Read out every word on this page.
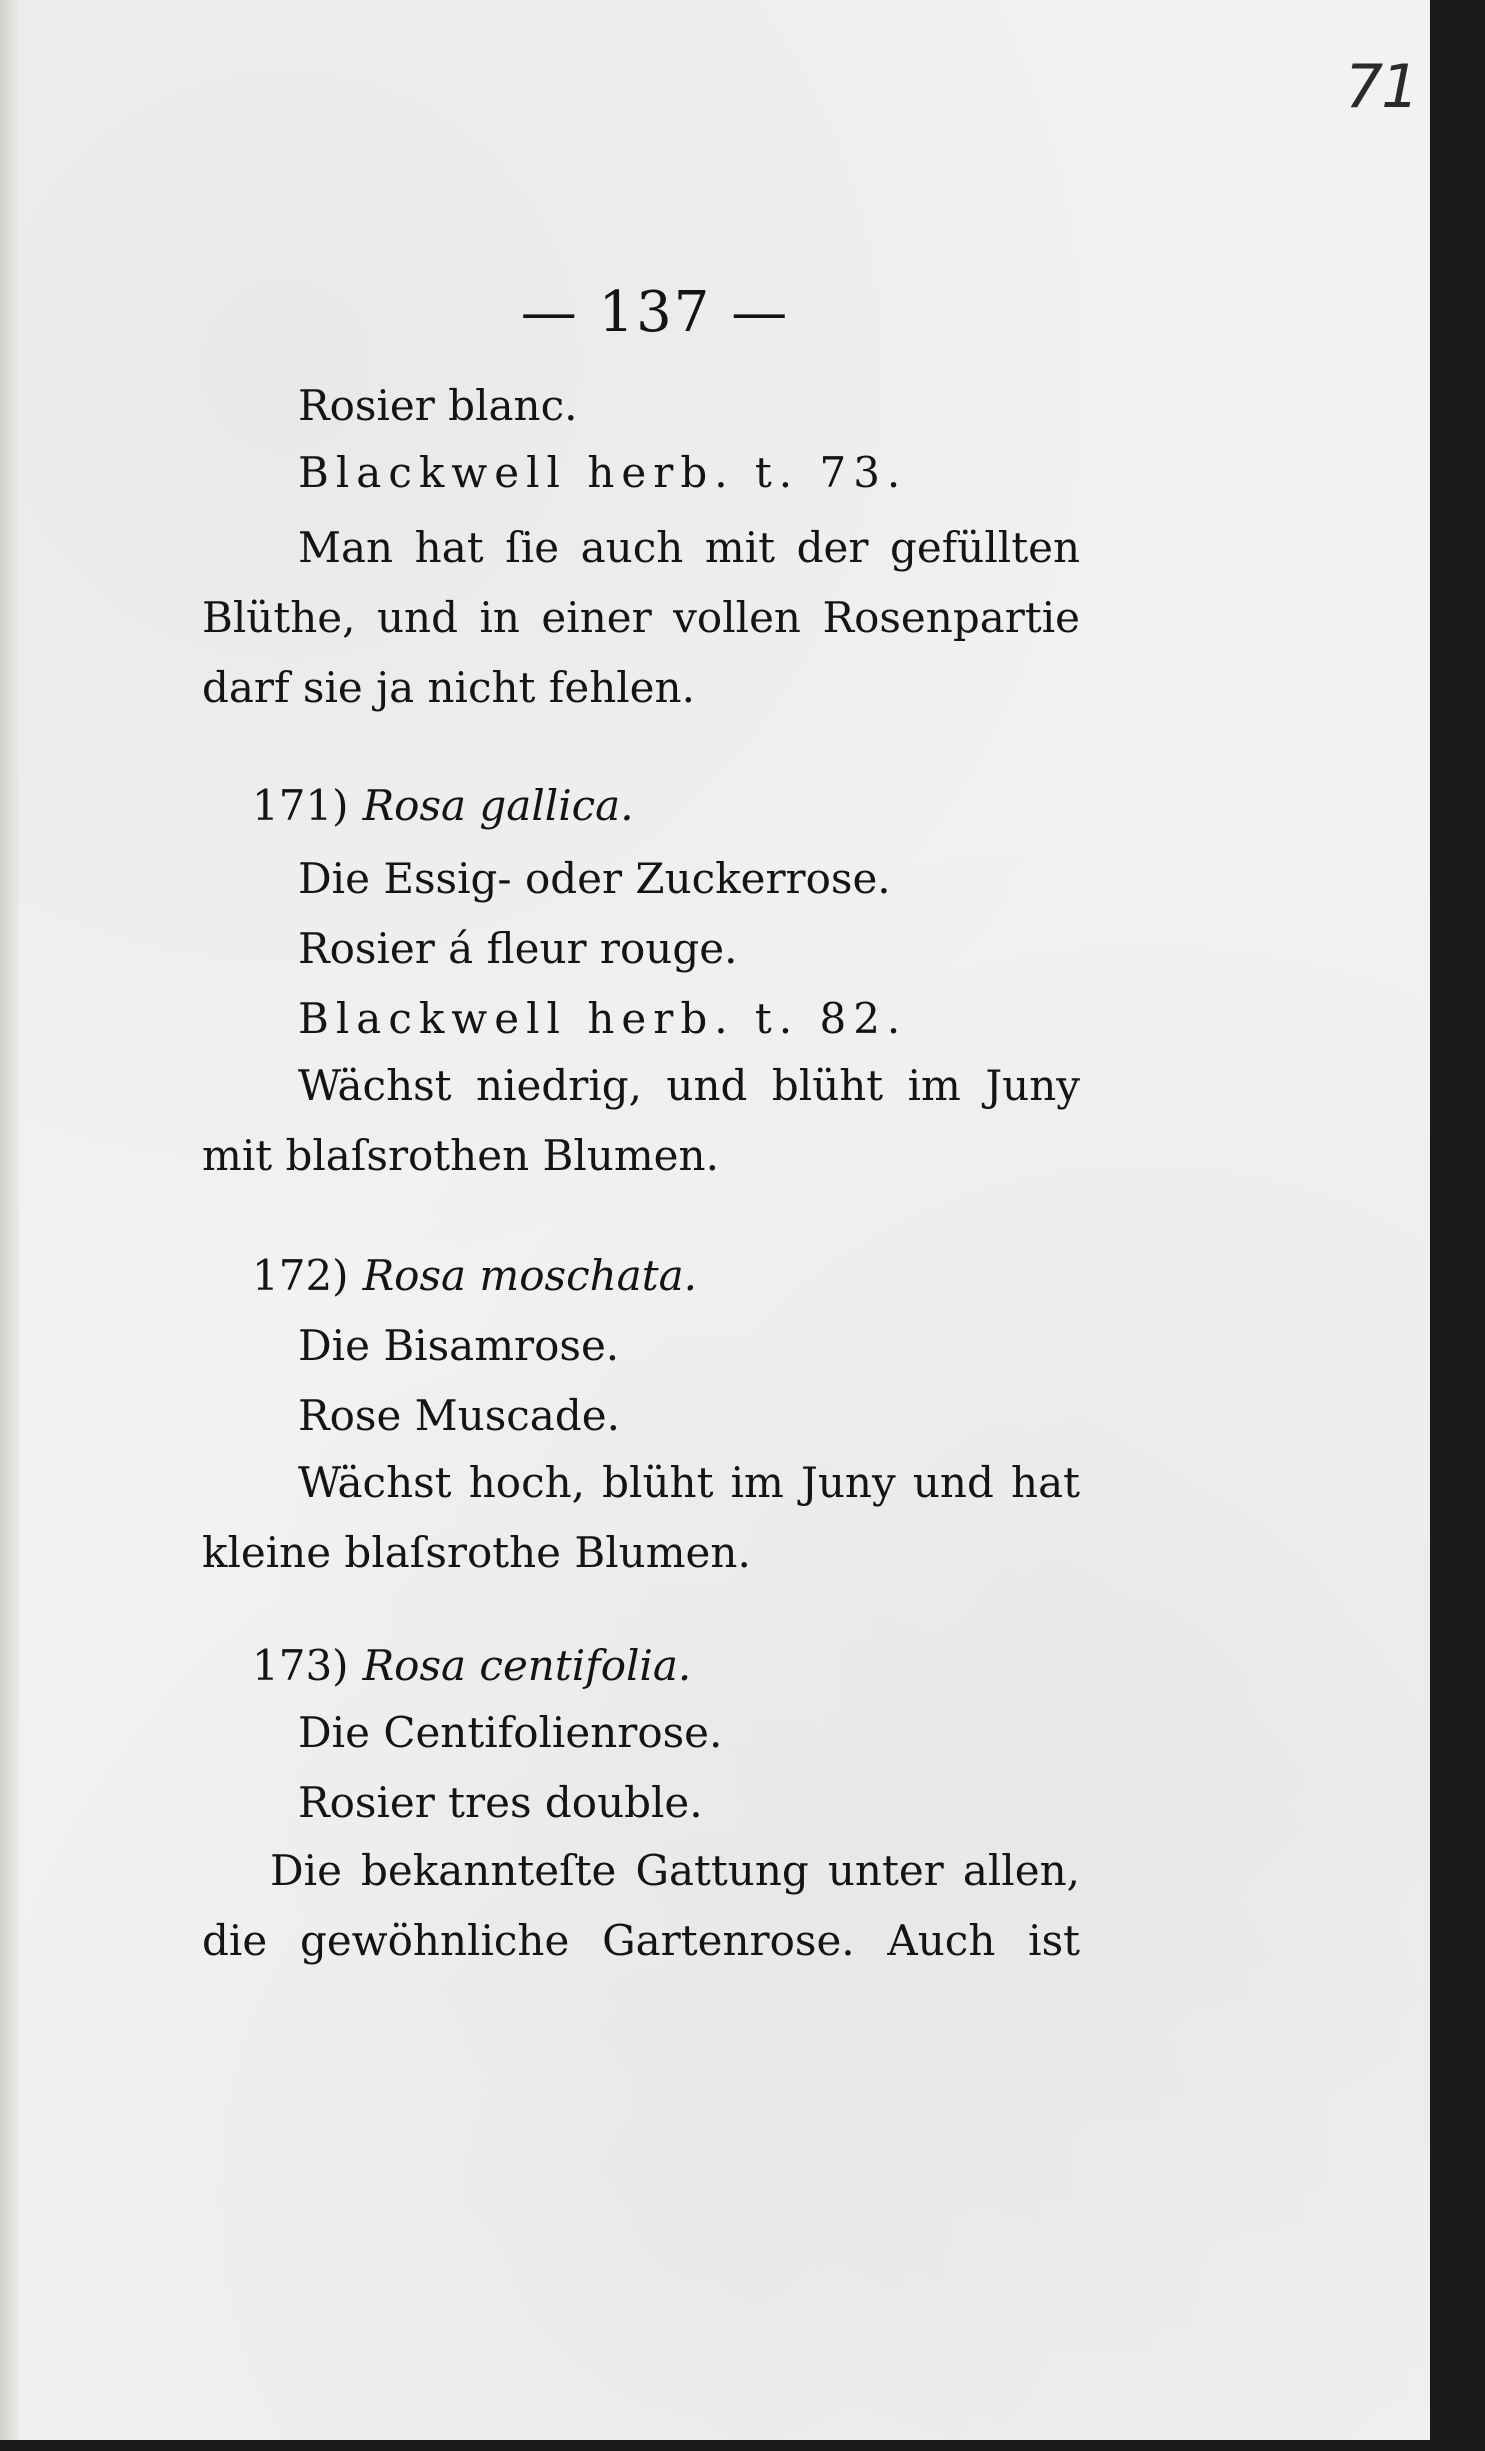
71
— 137 —
Rosier blanc.
Blackwell herb. t. 73.
Man hat ſie auch mit der gefüllten
Blüthe, und in einer vollen Rosenpartie
darf sie ja nicht fehlen.
171) Rosa gallica.
Die Essig- oder Zuckerrose.
Rosier á fleur rouge.
Blackwell herb. t. 82.
Wächst niedrig, und blüht im Juny
mit blaſsrothen Blumen.
172) Rosa moschata.
Die Bisamrose.
Rose Muscade.
Wächst hoch, blüht im Juny und hat
kleine blaſsrothe Blumen.
173) Rosa centifolia.
Die Centifolienrose.
Rosier tres double.
Die bekannteſte Gattung unter allen,
die gewöhnliche Gartenrose. Auch ist
